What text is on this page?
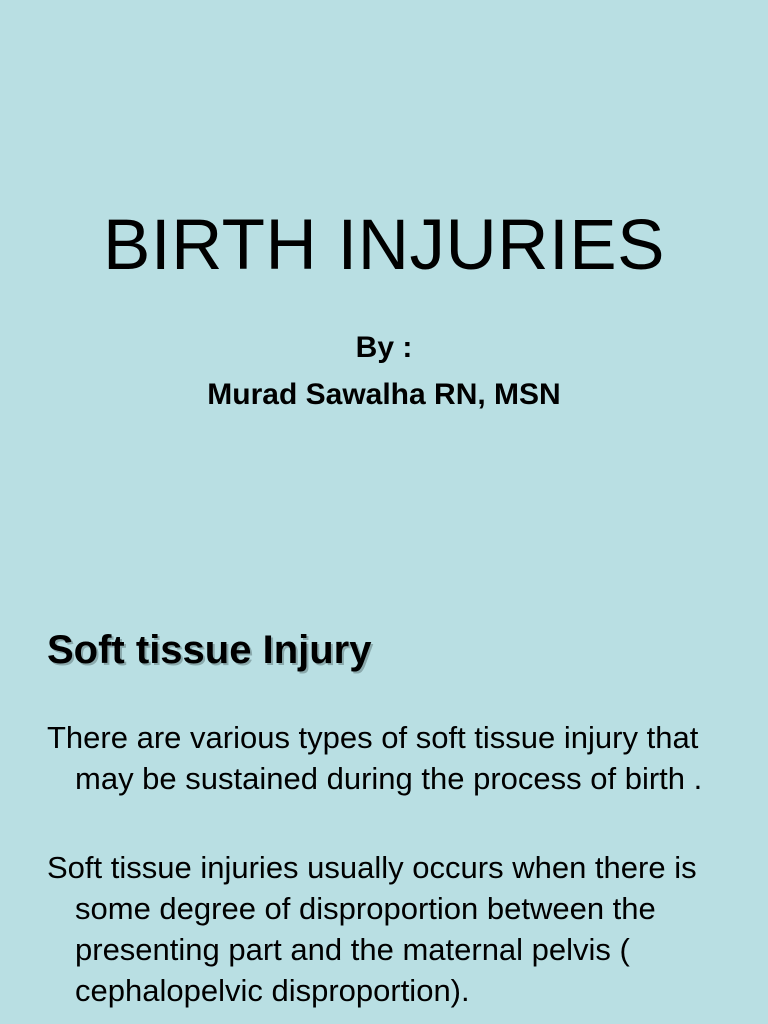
BIRTH INJURIES
By :
Murad Sawalha RN, MSN
Soft tissue Injury
There are various types of soft tissue injury that may be sustained during the process of birth .
Soft tissue injuries usually occurs when there is some degree of disproportion between the presenting part and the maternal pelvis ( cephalopelvic disproportion).
